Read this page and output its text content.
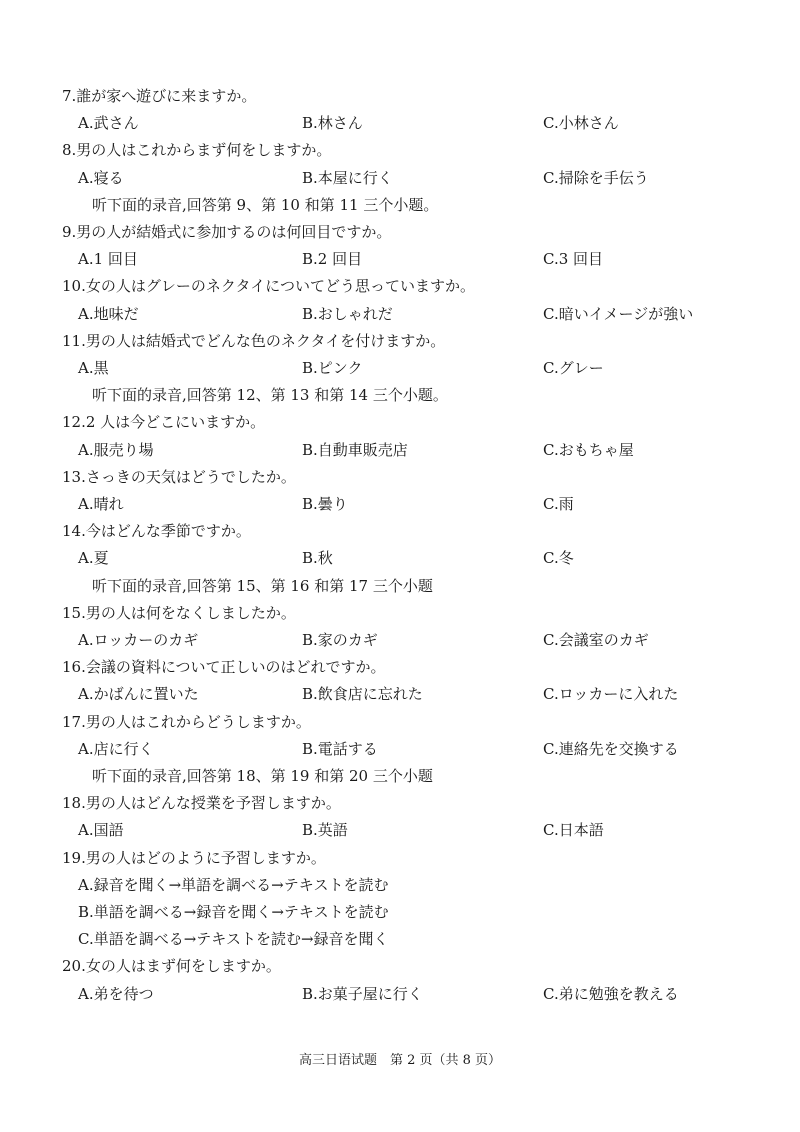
7.誰が家へ遊びに来ますか。
A.武さん	B.林さん	C.小林さん
8.男の人はこれからまず何をしますか。
A.寝る	B.本屋に行く	C.掃除を手伝う
听下面的录音,回答第 9、第 10 和第 11 三个小题。
9.男の人が結婚式に参加するのは何回目ですか。
A.1 回目	B.2 回目	C.3 回目
10.女の人はグレーのネクタイについてどう思っていますか。
A.地味だ	B.おしゃれだ	C.暗いイメージが強い
11.男の人は結婚式でどんな色のネクタイを付けますか。
A.黒	B.ピンク	C.グレー
听下面的录音,回答第 12、第 13 和第 14 三个小题。
12.2 人は今どこにいますか。
A.服売り場	B.自動車販売店	C.おもちゃ屋
13.さっきの天気はどうでしたか。
A.晴れ	B.曇り	C.雨
14.今はどんな季節ですか。
A.夏	B.秋	C.冬
听下面的录音,回答第 15、第 16 和第 17 三个小题
15.男の人は何をなくしましたか。
A.ロッカーのカギ	B.家のカギ	C.会議室のカギ
16.会議の資料について正しいのはどれですか。
A.かばんに置いた	B.飲食店に忘れた	C.ロッカーに入れた
17.男の人はこれからどうしますか。
A.店に行く	B.電話する	C.連絡先を交換する
听下面的录音,回答第 18、第 19 和第 20 三个小题
18.男の人はどんな授業を予習しますか。
A.国語	B.英語	C.日本語
19.男の人はどのように予習しますか。
A.録音を聞く→単語を調べる→テキストを読む
B.単語を調べる→録音を聞く→テキストを読む
C.単語を調べる→テキストを読む→録音を聞く
20.女の人はまず何をしますか。
A.弟を待つ	B.お菓子屋に行く	C.弟に勉強を教える
高三日语试题　第 2 页（共 8 页）
